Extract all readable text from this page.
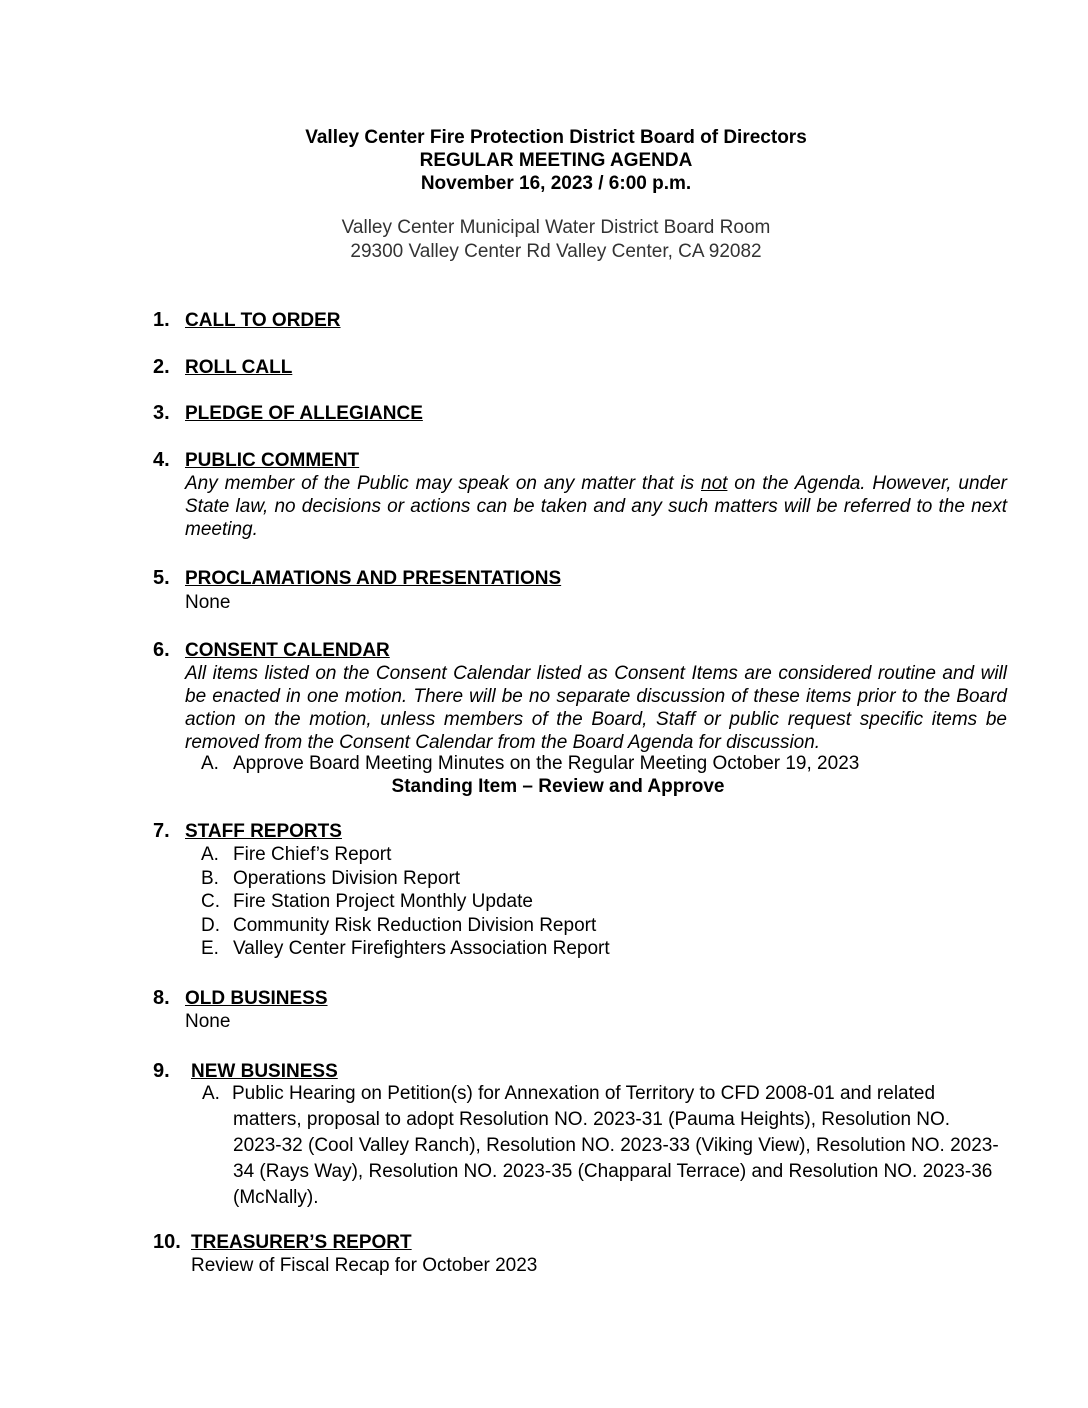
Valley Center Fire Protection District Board of Directors
REGULAR MEETING AGENDA
November 16, 2023 / 6:00 p.m.
Valley Center Municipal Water District Board Room
29300 Valley Center Rd Valley Center, CA 92082
1. CALL TO ORDER
2. ROLL CALL
3. PLEDGE OF ALLEGIANCE
4. PUBLIC COMMENT
Any member of the Public may speak on any matter that is not on the Agenda. However, under State law, no decisions or actions can be taken and any such matters will be referred to the next meeting.
5. PROCLAMATIONS AND PRESENTATIONS
None
6. CONSENT CALENDAR
All items listed on the Consent Calendar listed as Consent Items are considered routine and will be enacted in one motion. There will be no separate discussion of these items prior to the Board action on the motion, unless members of the Board, Staff or public request specific items be removed from the Consent Calendar from the Board Agenda for discussion.
A. Approve Board Meeting Minutes on the Regular Meeting October 19, 2023
Standing Item – Review and Approve
7. STAFF REPORTS
A. Fire Chief’s Report
B. Operations Division Report
C. Fire Station Project Monthly Update
D. Community Risk Reduction Division Report
E. Valley Center Firefighters Association Report
8. OLD BUSINESS
None
9. NEW BUSINESS
A. Public Hearing on Petition(s) for Annexation of Territory to CFD 2008-01 and related matters, proposal to adopt Resolution NO. 2023-31 (Pauma Heights), Resolution NO. 2023-32 (Cool Valley Ranch), Resolution NO. 2023-33 (Viking View), Resolution NO. 2023-34 (Rays Way), Resolution NO. 2023-35 (Chapparal Terrace) and Resolution NO. 2023-36 (McNally).
10. TREASURER’S REPORT
Review of Fiscal Recap for October 2023
